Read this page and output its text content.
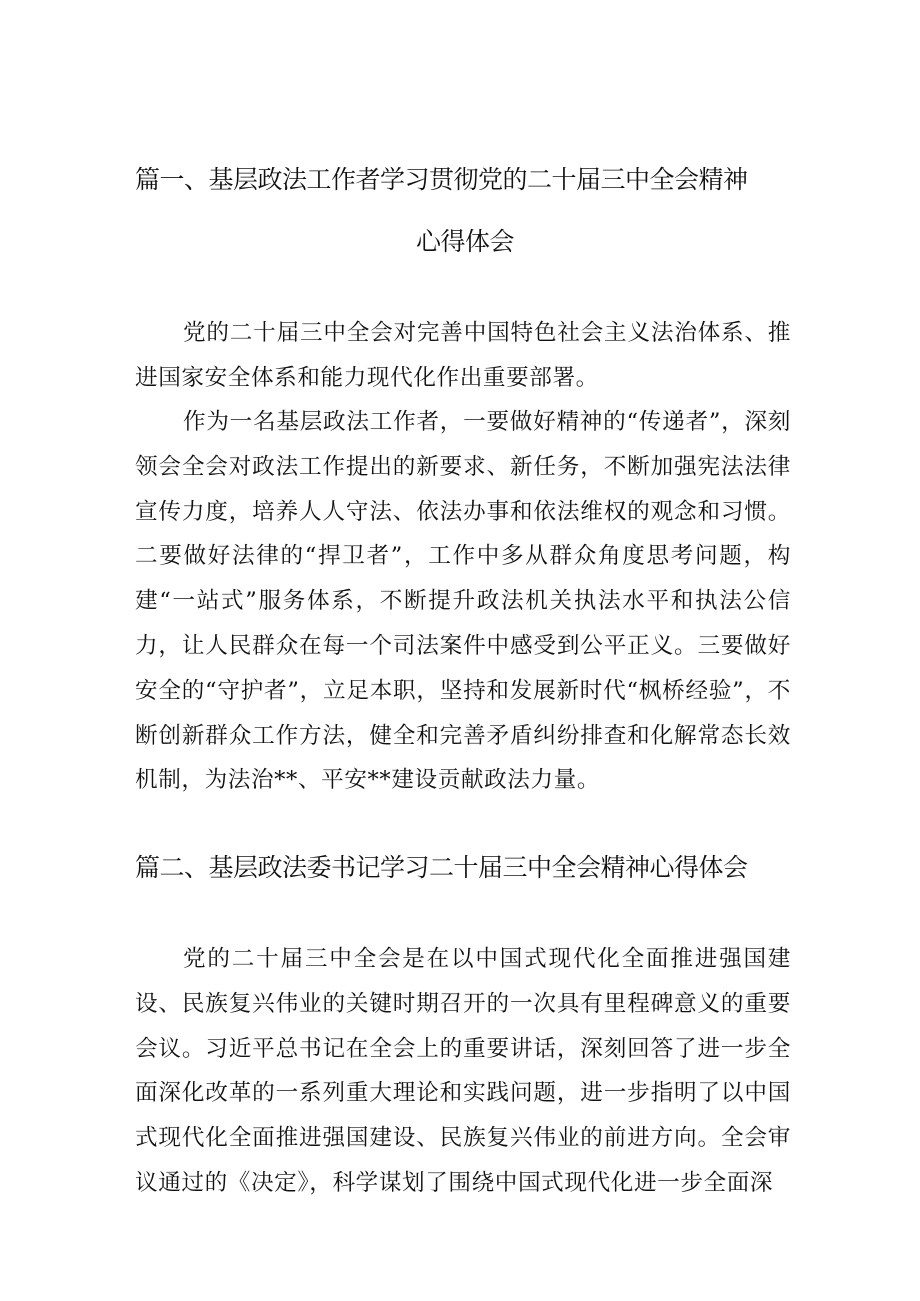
篇一、基层政法工作者学习贯彻党的二十届三中全会精神
心得体会

党的二十届三中全会对完善中国特色社会主义法治体系、推进国家安全体系和能力现代化作出重要部署。

作为一名基层政法工作者，一要做好精神的“传递者”，深刻领会全会对政法工作提出的新要求、新任务，不断加强宪法法律宣传力度，培养人人守法、依法办事和依法维权的观念和习惯。二要做好法律的“捍卫者”，工作中多从群众角度思考问题，构建“一站式”服务体系，不断提升政法机关执法水平和执法公信力，让人民群众在每一个司法案件中感受到公平正义。三要做好安全的“守护者”，立足本职，坚持和发展新时代“枫桥经验”，不断创新群众工作方法，健全和完善矛盾纠纷排查和化解常态长效机制，为法治**、平安**建设贡献政法力量。

篇二、基层政法委书记学习二十届三中全会精神心得体会

党的二十届三中全会是在以中国式现代化全面推进强国建设、民族复兴伟业的关键时期召开的一次具有里程碑意义的重要会议。习近平总书记在全会上的重要讲话，深刻回答了进一步全面深化改革的一系列重大理论和实践问题，进一步指明了以中国式现代化全面推进强国建设、民族复兴伟业的前进方向。全会审议通过的《决定》，科学谋划了围绕中国式现代化进一步全面深
